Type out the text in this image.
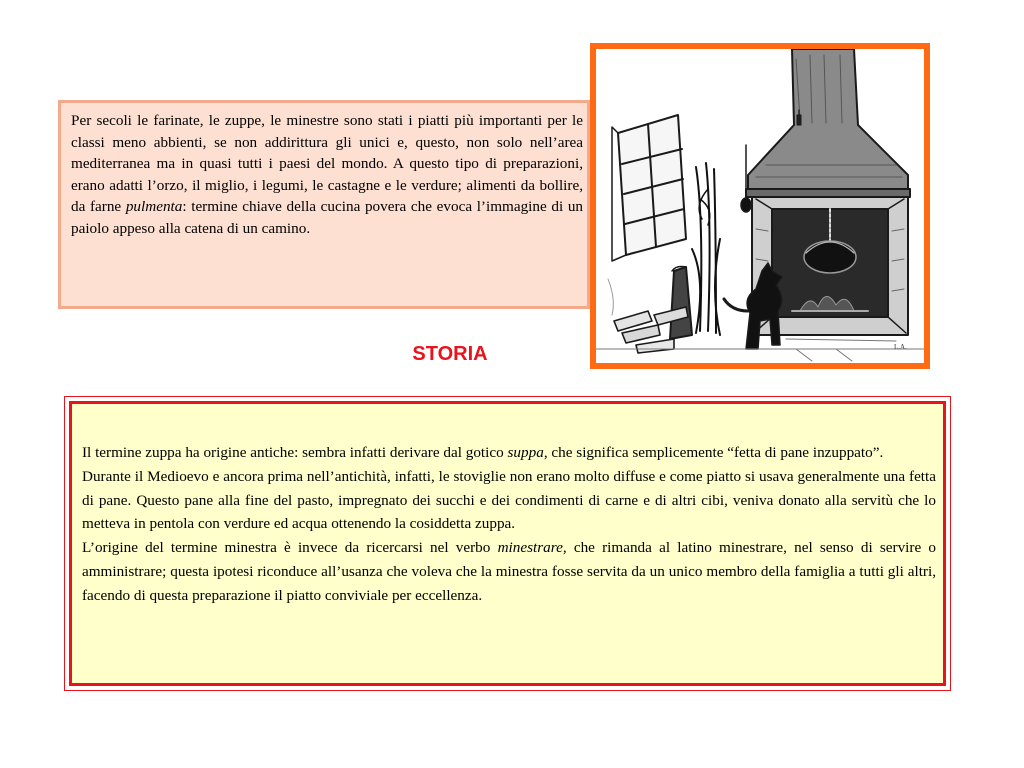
Per secoli le farinate, le zuppe, le minestre sono stati i piatti più importanti per le classi meno abbienti, se non addirittura gli unici e, questo, non solo nell’area mediterranea ma in quasi tutti i paesi del mondo. A questo tipo di preparazioni, erano adatti l’orzo, il miglio, i legumi, le castagne e le verdure; alimenti da bollire, da farne pulmenta: termine chiave della cucina povera che evoca l’immagine di un paiolo appeso alla catena di un camino.
L.A.
STORIA

Il termine zuppa ha origine antiche: sembra infatti derivare dal gotico suppa, che significa semplicemente “fetta di pane inzuppato”.

Durante il Medioevo e ancora prima nell’antichità, infatti, le stoviglie non erano molto diffuse e come piatto si usava generalmente una fetta di pane. Questo pane alla fine del pasto, impregnato dei succhi e dei condimenti di carne e di altri cibi, veniva donato alla servitù che lo metteva in pentola con verdure ed acqua ottenendo la cosiddetta zuppa.

L’origine del termine minestra è invece da ricercarsi nel verbo minestrare, che rimanda al latino minestrare, nel senso di servire o amministrare; questa ipotesi riconduce all’usanza che voleva che la minestra fosse servita da un unico membro della famiglia a tutti gli altri, facendo di questa preparazione il piatto conviviale per eccellenza.
